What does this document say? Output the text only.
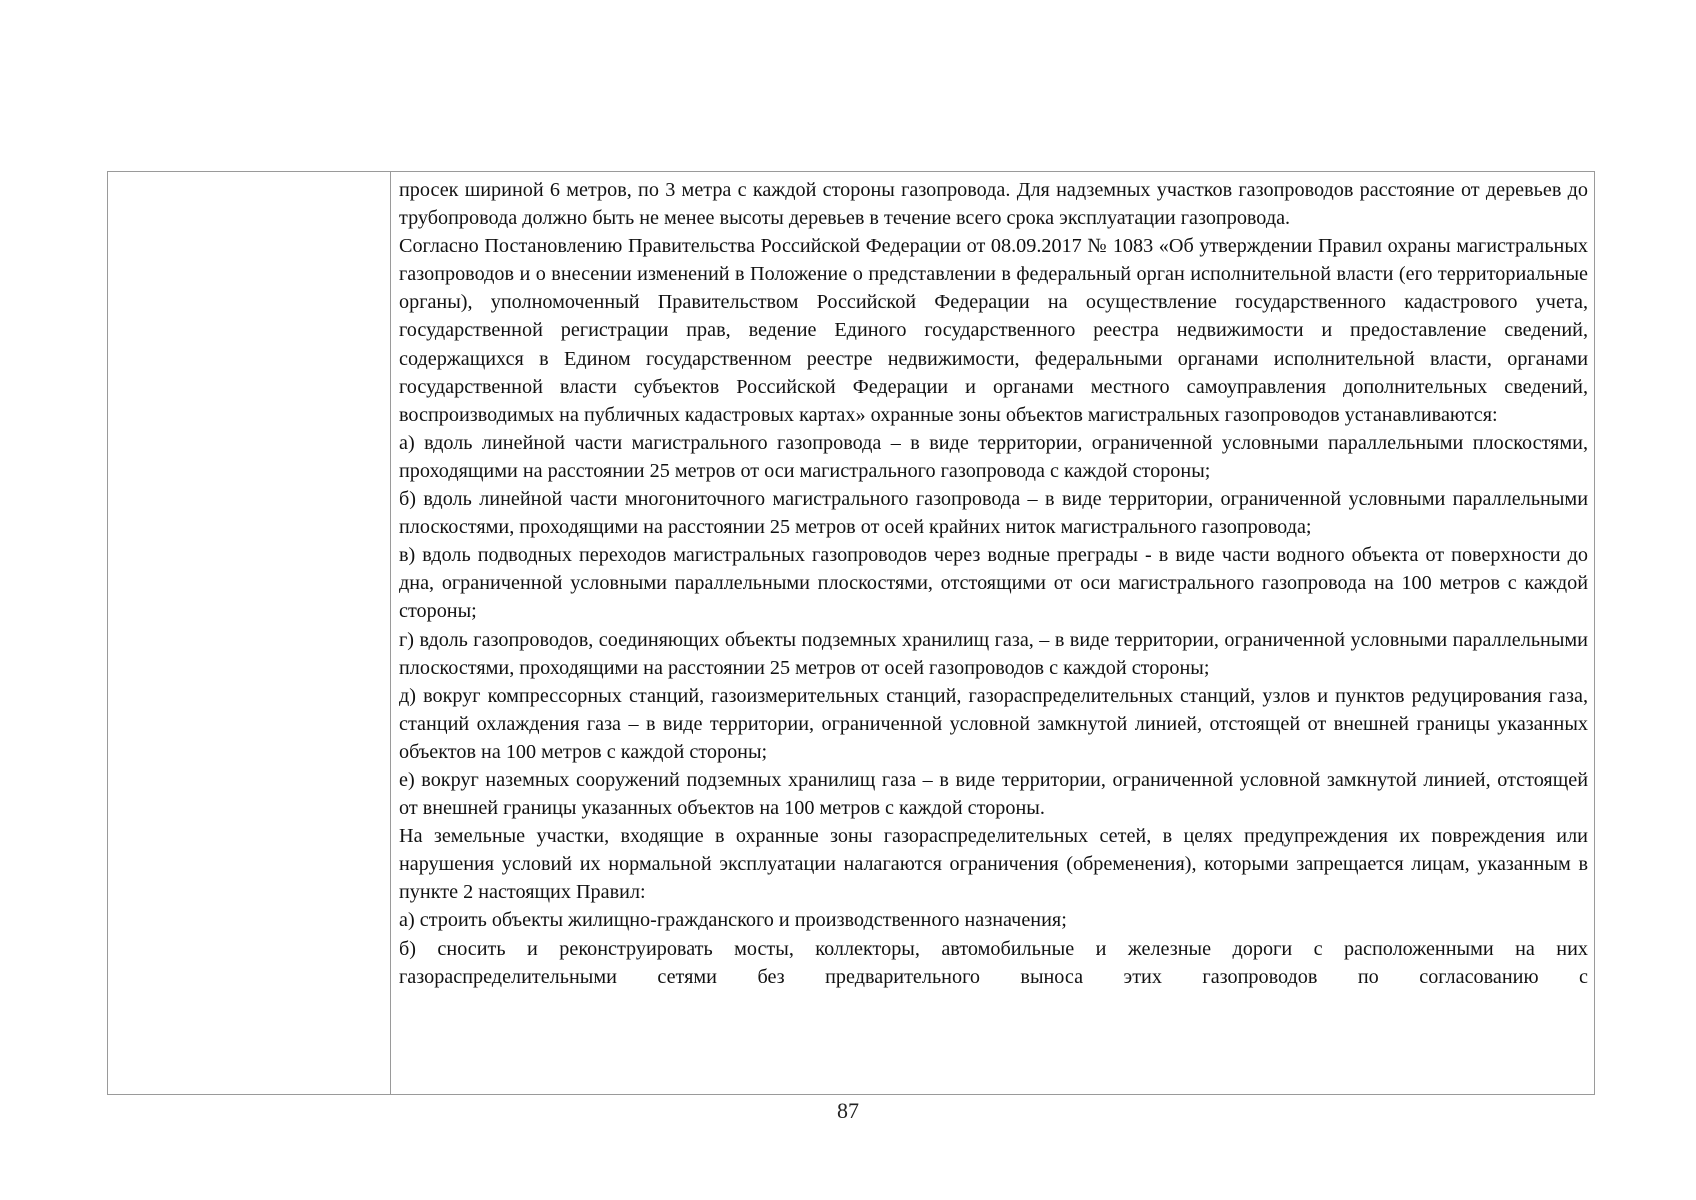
просек шириной 6 метров, по 3 метра с каждой стороны газопровода. Для надземных участков газопроводов расстояние от деревьев до трубопровода должно быть не менее высоты деревьев в течение всего срока эксплуатации газопровода.

Согласно Постановлению Правительства Российской Федерации от 08.09.2017 № 1083 «Об утверждении Правил охраны магистральных газопроводов и о внесении изменений в Положение о представлении в федеральный орган исполнительной власти (его территориальные органы), уполномоченный Правительством Российской Федерации на осуществление государственного кадастрового учета, государственной регистрации прав, ведение Единого государственного реестра недвижимости и предоставление сведений, содержащихся в Едином государственном реестре недвижимости, федеральными органами исполнительной власти, органами государственной власти субъектов Российской Федерации и органами местного самоуправления дополнительных сведений, воспроизводимых на публичных кадастровых картах» охранные зоны объектов магистральных газопроводов устанавливаются:

а) вдоль линейной части магистрального газопровода – в виде территории, ограниченной условными параллельными плоскостями, проходящими на расстоянии 25 метров от оси магистрального газопровода с каждой стороны;

б) вдоль линейной части многониточного магистрального газопровода – в виде территории, ограниченной условными параллельными плоскостями, проходящими на расстоянии 25 метров от осей крайних ниток магистрального газопровода;

в) вдоль подводных переходов магистральных газопроводов через водные преграды - в виде части водного объекта от поверхности до дна, ограниченной условными параллельными плоскостями, отстоящими от оси магистрального газопровода на 100 метров с каждой стороны;

г) вдоль газопроводов, соединяющих объекты подземных хранилищ газа, – в виде территории, ограниченной условными параллельными плоскостями, проходящими на расстоянии 25 метров от осей газопроводов с каждой стороны;

д) вокруг компрессорных станций, газоизмерительных станций, газораспределительных станций, узлов и пунктов редуцирования газа, станций охлаждения газа – в виде территории, ограниченной условной замкнутой линией, отстоящей от внешней границы указанных объектов на 100 метров с каждой стороны;

е) вокруг наземных сооружений подземных хранилищ газа – в виде территории, ограниченной условной замкнутой линией, отстоящей от внешней границы указанных объектов на 100 метров с каждой стороны.

На земельные участки, входящие в охранные зоны газораспределительных сетей, в целях предупреждения их повреждения или нарушения условий их нормальной эксплуатации налагаются ограничения (обременения), которыми запрещается лицам, указанным в пункте 2 настоящих Правил:

а) строить объекты жилищно-гражданского и производственного назначения;

б) сносить и реконструировать мосты, коллекторы, автомобильные и железные дороги с расположенными на них газораспределительными сетями без предварительного выноса этих газопроводов по согласованию с

87
